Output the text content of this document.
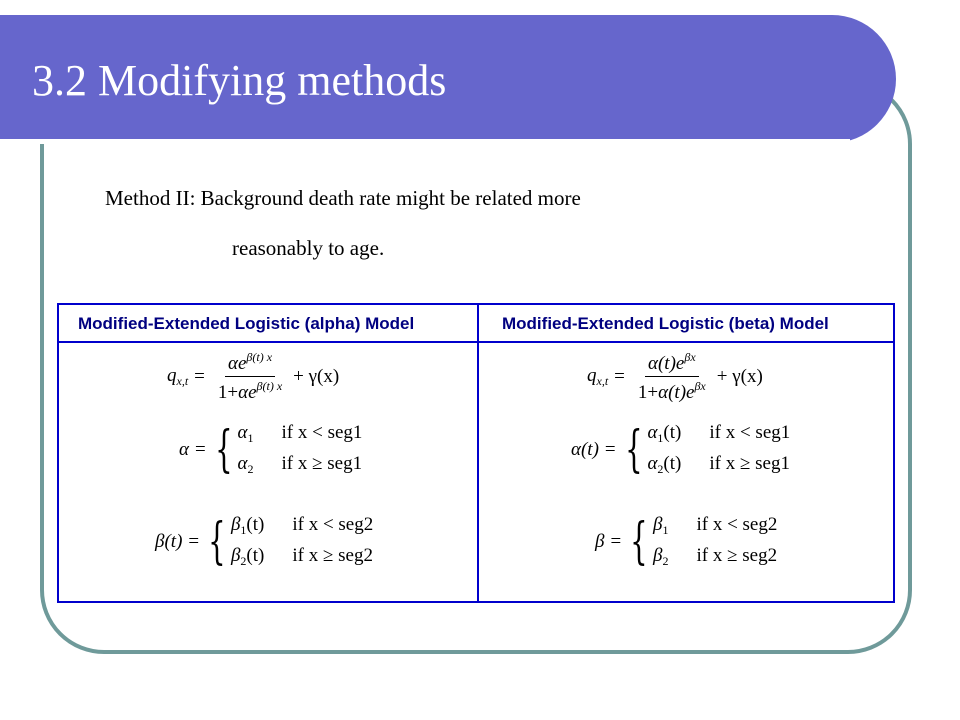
3.2 Modifying methods
Method II: Background death rate might be related more
reasonably to age.
Modified-Extended Logistic (alpha) Model	Modified-Extended Logistic (beta) Model
$q_{x,t} = \frac{\alpha e^{\beta(t) x}}{1+\alpha e^{\beta(t) x}} + \gamma(x)$
α = { $\alpha_1$ if x < seg1
$\alpha_2$ if x ≥ seg1
β(t) = { $\beta_1(t)$ if x < seg2
$\beta_2(t)$ if x ≥ seg2
$q_{x,t} = \frac{\alpha(t)e^{\beta x}}{1+\alpha(t)e^{\beta x}} + \gamma(x)$
α(t) = { $\alpha_1(t)$ if x < seg1
$\alpha_2(t)$ if x ≥ seg1
β = { $\beta_1$ if x < seg2
$\beta_2$ if x ≥ seg2
